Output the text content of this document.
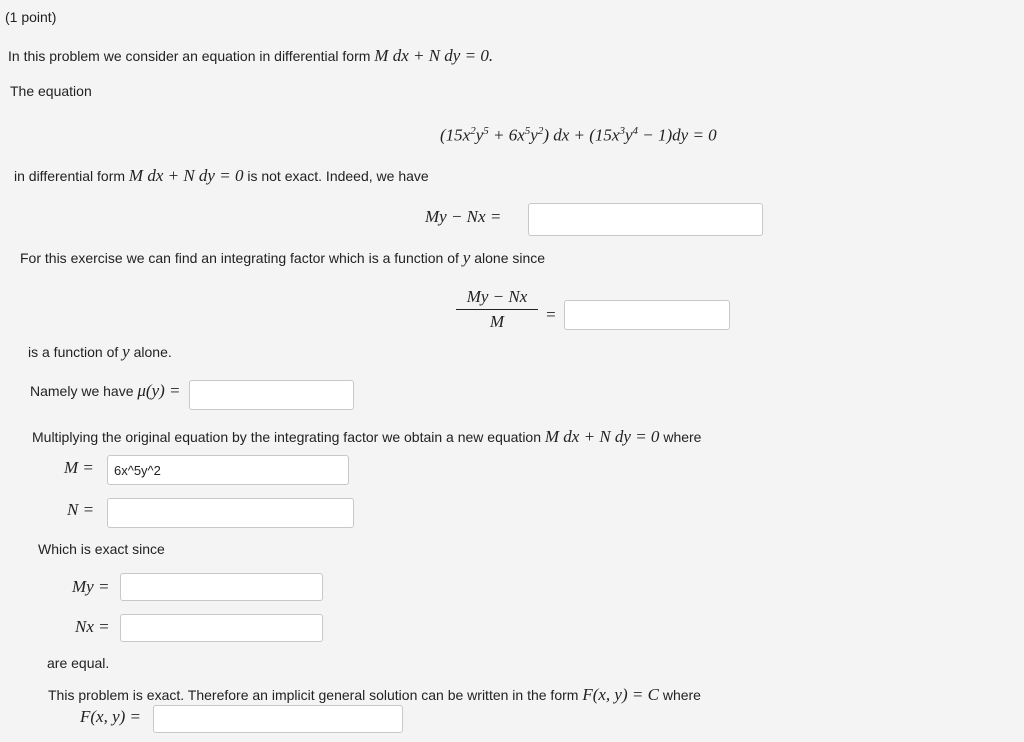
(1 point)
In this problem we consider an equation in differential form M dx + N dy = 0.
The equation
$(15x^2y^5 + 6x^5y^2)$ dx + $(15x^3y^4 - 1)dy = 0$
in differential form M dx + N dy = 0 is not exact. Indeed, we have
My − Nx =
For this exercise we can find an integrating factor which is a function of y alone since
My − Nx
M	=
is a function of y alone.
Namely we have μ(y) =
Multiplying the original equation by the integrating factor we obtain a new equation M dx + N dy = 0 where
M =
6x^5y^2
N =
Which is exact since
My =
Nx =
are equal.
This problem is exact. Therefore an implicit general solution can be written in the form F(x, y) = C where
F(x, y) =
